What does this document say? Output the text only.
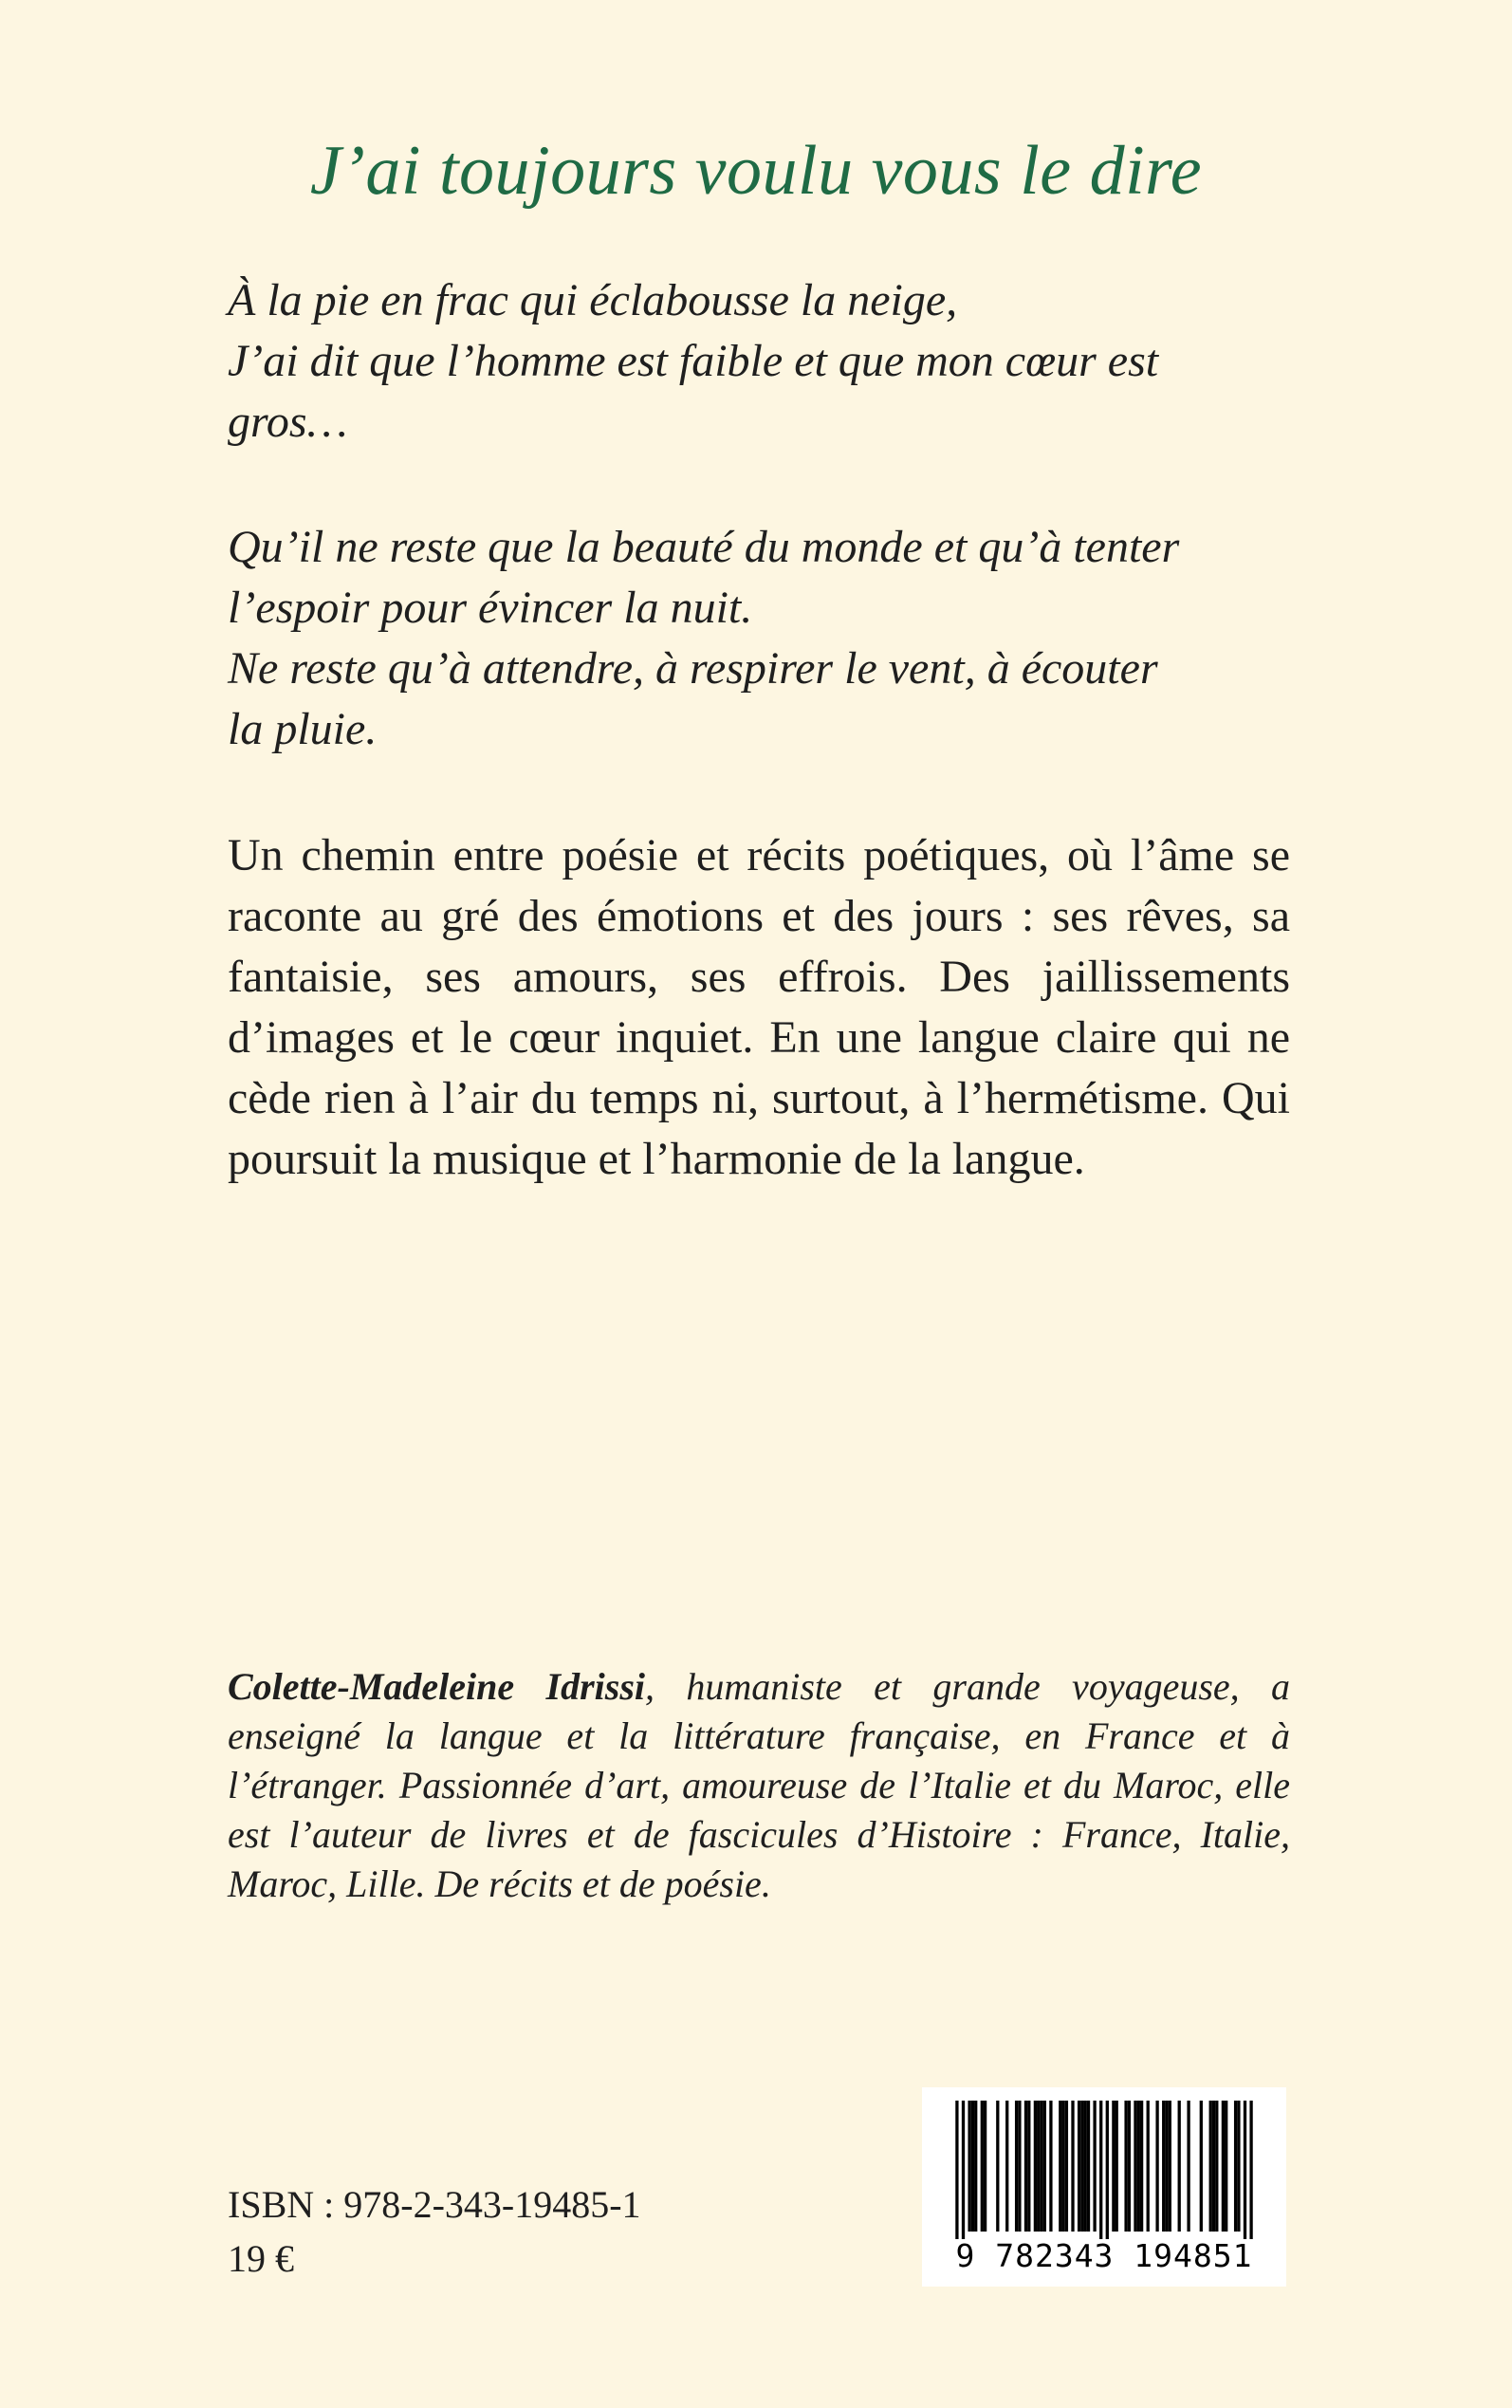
J’ai toujours voulu vous le dire

À la pie en frac qui éclabousse la neige,
J’ai dit que l’homme est faible et que mon cœur est
gros…

Qu’il ne reste que la beauté du monde et qu’à tenter
l’espoir pour évincer la nuit.
Ne reste qu’à attendre, à respirer le vent, à écouter
la pluie.

Un chemin entre poésie et récits poétiques, où l’âme se raconte au gré des émotions et des jours : ses rêves, sa fantaisie, ses amours, ses effrois. Des jaillissements d’images et le cœur inquiet. En une langue claire qui ne cède rien à l’air du temps ni, surtout, à l’hermétisme. Qui poursuit la musique et l’harmonie de la langue.

Colette-Madeleine Idrissi, humaniste et grande voyageuse, a enseigné la langue et la littérature française, en France et à l’étranger. Passionnée d’art, amoureuse de l’Italie et du Maroc, elle est l’auteur de livres et de fascicules d’Histoire : France, Italie, Maroc, Lille. De récits et de poésie.

ISBN : 978-2-343-19485-1

19 €	9 782343 194851
